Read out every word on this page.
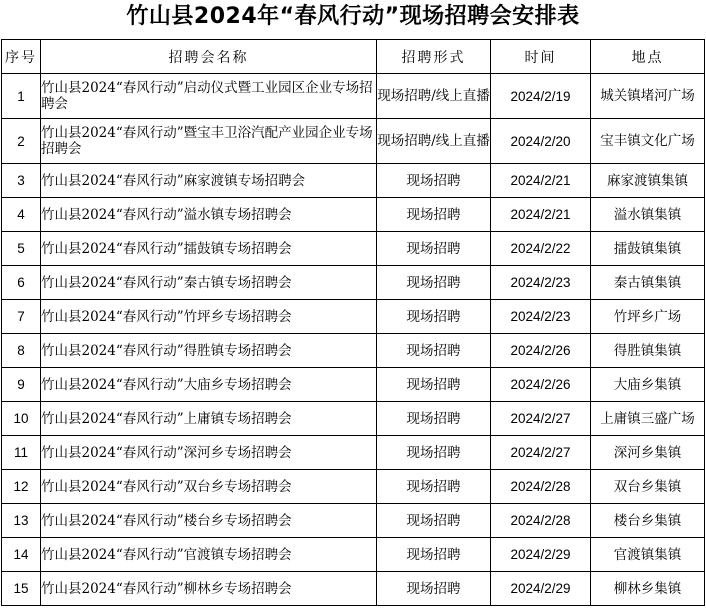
竹山县2024年“春风行动”现场招聘会安排表
序号	招聘会名称	招聘形式	时间	地点
1	竹山县2024“春风行动”启动仪式暨工业园区企业专场招聘会	现场招聘/线上直播	2024/2/19	城关镇堵河广场
2	竹山县2024“春风行动”暨宝丰卫浴汽配产业园企业专场招聘会	现场招聘/线上直播	2024/2/20	宝丰镇文化广场
3	竹山县2024“春风行动”麻家渡镇专场招聘会	现场招聘	2024/2/21	麻家渡镇集镇
4	竹山县2024“春风行动”溢水镇专场招聘会	现场招聘	2024/2/21	溢水镇集镇
5	竹山县2024“春风行动”擂鼓镇专场招聘会	现场招聘	2024/2/22	擂鼓镇集镇
6	竹山县2024“春风行动”秦古镇专场招聘会	现场招聘	2024/2/23	秦古镇集镇
7	竹山县2024“春风行动”竹坪乡专场招聘会	现场招聘	2024/2/23	竹坪乡广场
8	竹山县2024“春风行动”得胜镇专场招聘会	现场招聘	2024/2/26	得胜镇集镇
9	竹山县2024“春风行动”大庙乡专场招聘会	现场招聘	2024/2/26	大庙乡集镇
10	竹山县2024“春风行动”上庸镇专场招聘会	现场招聘	2024/2/27	上庸镇三盛广场

11	竹山县2024“春风行动”深河乡专场招聘会	现场招聘	2024/2/27	深河乡集镇
12	竹山县2024“春风行动”双台乡专场招聘会	现场招聘	2024/2/28	双台乡集镇
13	竹山县2024“春风行动”楼台乡专场招聘会	现场招聘	2024/2/28	楼台乡集镇
14	竹山县2024“春风行动”官渡镇专场招聘会	现场招聘	2024/2/29	官渡镇集镇
15	竹山县2024“春风行动”柳林乡专场招聘会	现场招聘	2024/2/29	柳林乡集镇
